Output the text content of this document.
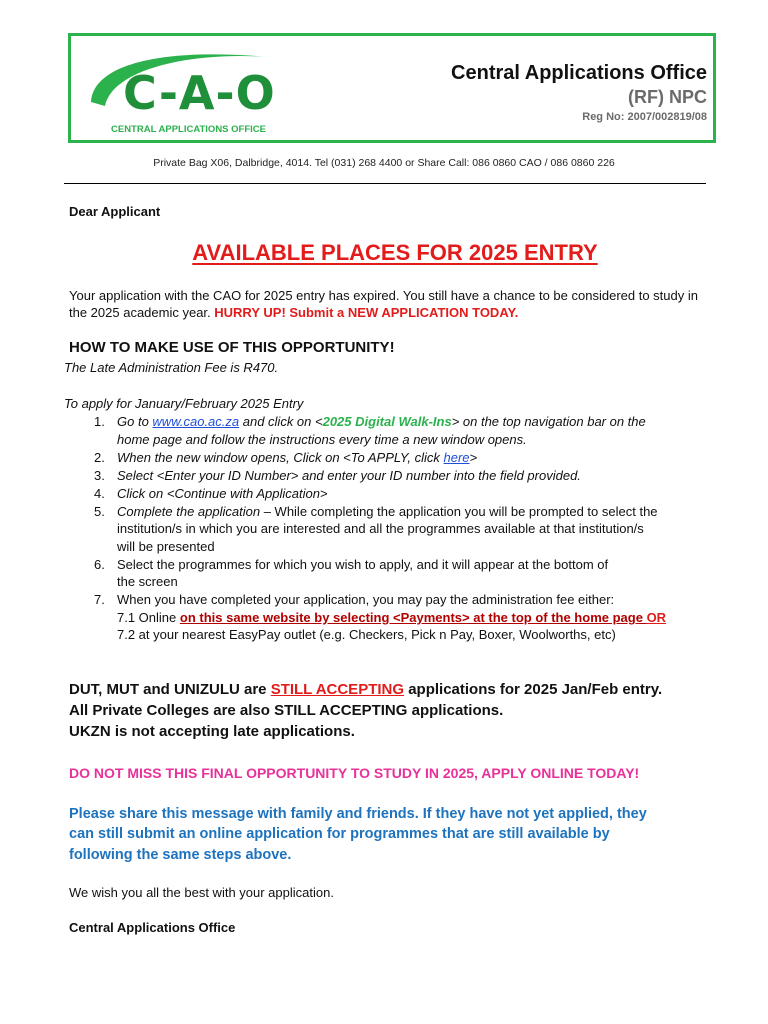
C-A-O
CENTRAL APPLICATIONS OFFICE
Central Applications Office
(RF) NPC
Reg No: 2007/002819/08
Private Bag X06, Dalbridge, 4014. Tel (031) 268 4400 or Share Call: 086 0860 CAO / 086 0860 226
Dear Applicant
AVAILABLE PLACES FOR 2025 ENTRY
Your application with the CAO for 2025 entry has expired. You still have a chance to be considered to study in
the 2025 academic year. HURRY UP! Submit a NEW APPLICATION TODAY.
HOW TO MAKE USE OF THIS OPPORTUNITY!
The Late Administration Fee is R470.
To apply for January/February 2025 Entry
1. Go to www.cao.ac.za and click on <2025 Digital Walk-Ins> on the top navigation bar on the
home page and follow the instructions every time a new window opens.
2. When the new window opens, Click on <To APPLY, click here>
3. Select <Enter your ID Number> and enter your ID number into the field provided.
4. Click on <Continue with Application>
5. Complete the application – While completing the application you will be prompted to select the
institution/s in which you are interested and all the programmes available at that institution/s
will be presented
6. Select the programmes for which you wish to apply, and it will appear at the bottom of
the screen
7. When you have completed your application, you may pay the administration fee either:
7.1 Online on this same website by selecting <Payments> at the top of the home page OR
7.2 at your nearest EasyPay outlet (e.g. Checkers, Pick n Pay, Boxer, Woolworths, etc)
DUT, MUT and UNIZULU are STILL ACCEPTING applications for 2025 Jan/Feb entry.
All Private Colleges are also STILL ACCEPTING applications.
UKZN is not accepting late applications.
DO NOT MISS THIS FINAL OPPORTUNITY TO STUDY IN 2025, APPLY ONLINE TODAY!
Please share this message with family and friends. If they have not yet applied, they
can still submit an online application for programmes that are still available by
following the same steps above.
We wish you all the best with your application.
Central Applications Office
